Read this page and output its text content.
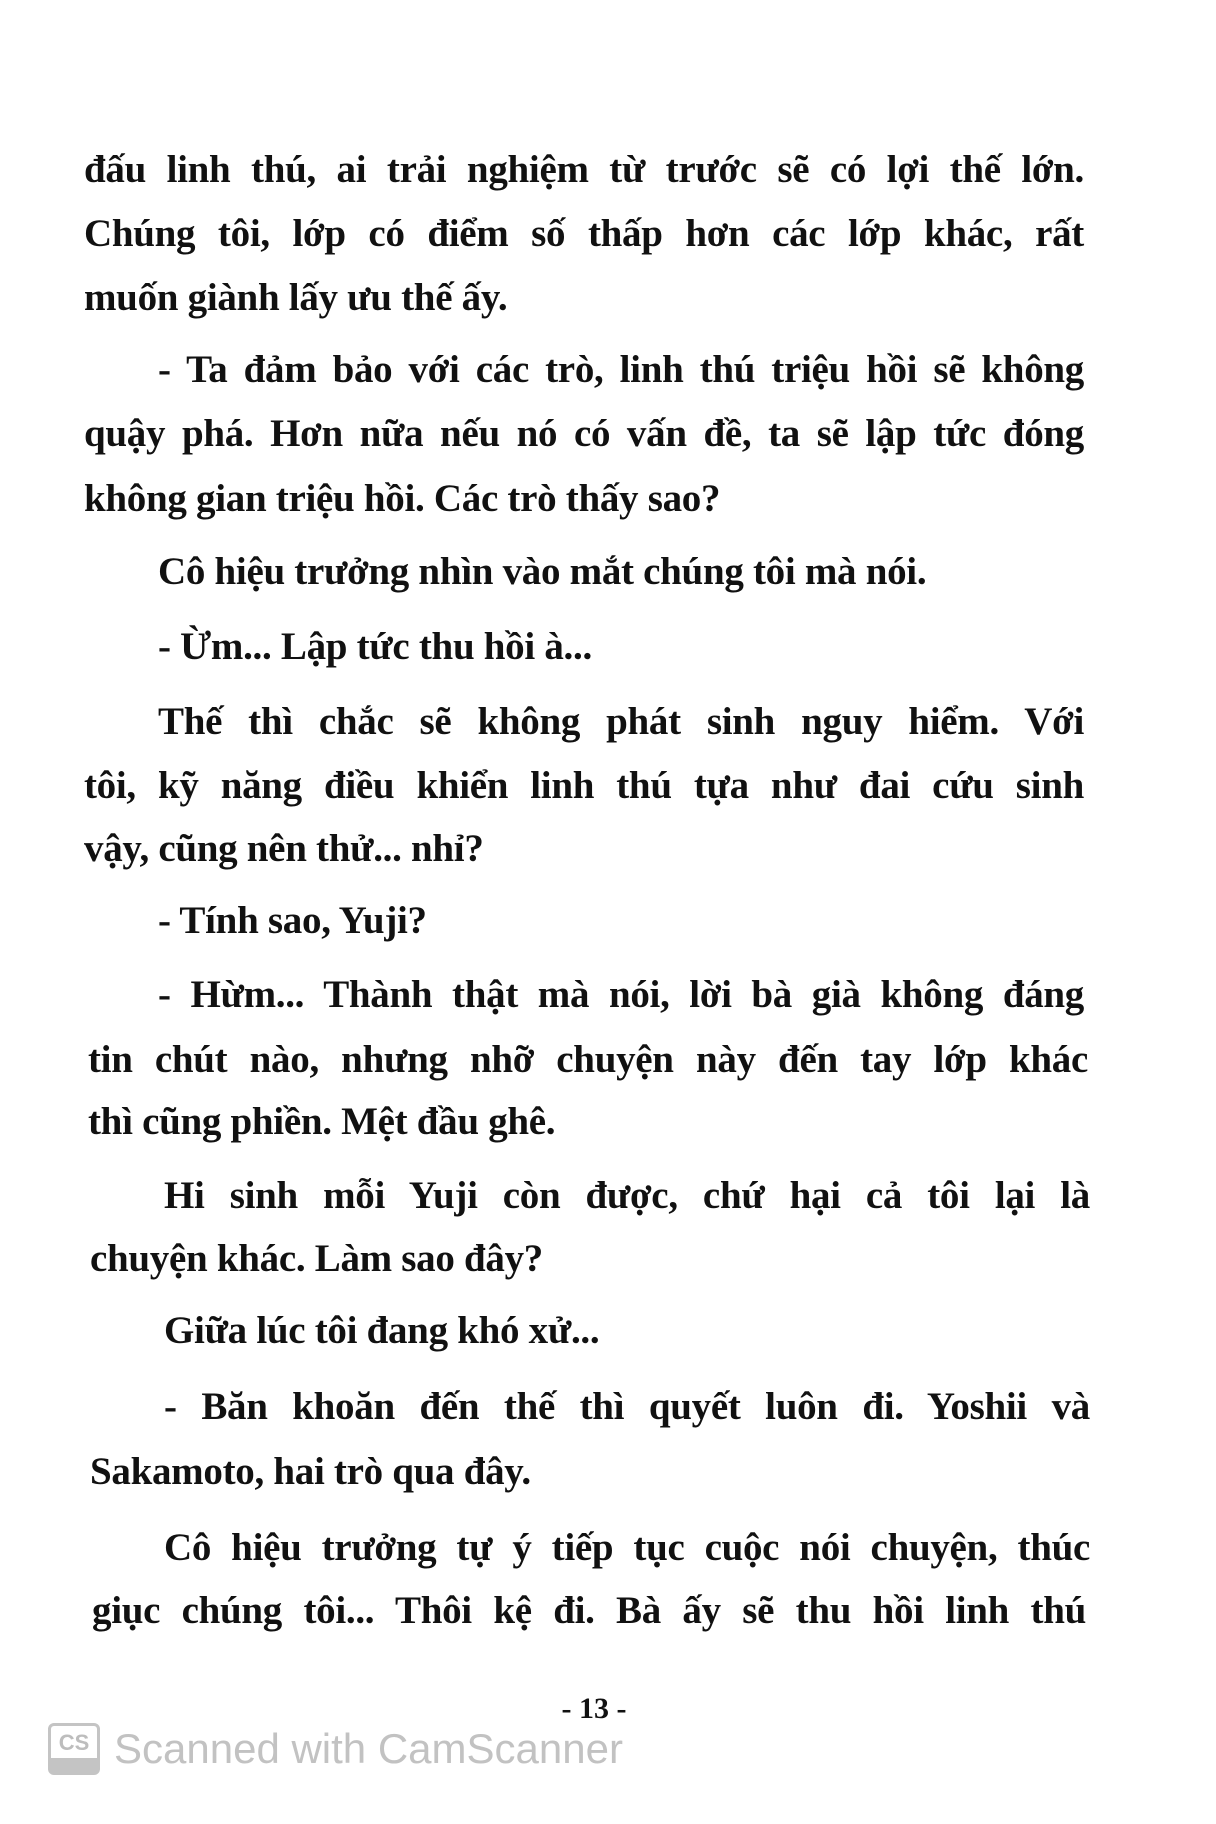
đấu linh thú, ai trải nghiệm từ trước sẽ có lợi thế lớn.
Chúng tôi, lớp có điểm số thấp hơn các lớp khác, rất
muốn giành lấy ưu thế ấy.
- Ta đảm bảo với các trò, linh thú triệu hồi sẽ không
quậy phá. Hơn nữa nếu nó có vấn đề, ta sẽ lập tức đóng
không gian triệu hồi. Các trò thấy sao?
Cô hiệu trưởng nhìn vào mắt chúng tôi mà nói.
- Ừm... Lập tức thu hồi à...
Thế thì chắc sẽ không phát sinh nguy hiểm. Với
tôi, kỹ năng điều khiển linh thú tựa như đai cứu sinh
vậy, cũng nên thử... nhỉ?
- Tính sao, Yuji?
- Hừm... Thành thật mà nói, lời bà già không đáng
tin chút nào, nhưng nhỡ chuyện này đến tay lớp khác
thì cũng phiền. Mệt đầu ghê.
Hi sinh mỗi Yuji còn được, chứ hại cả tôi lại là
chuyện khác. Làm sao đây?
Giữa lúc tôi đang khó xử...
- Băn khoăn đến thế thì quyết luôn đi. Yoshii và
Sakamoto, hai trò qua đây.
Cô hiệu trưởng tự ý tiếp tục cuộc nói chuyện, thúc
giục chúng tôi... Thôi kệ đi. Bà ấy sẽ thu hồi linh thú
- 13 -
CS Scanned with CamScanner
